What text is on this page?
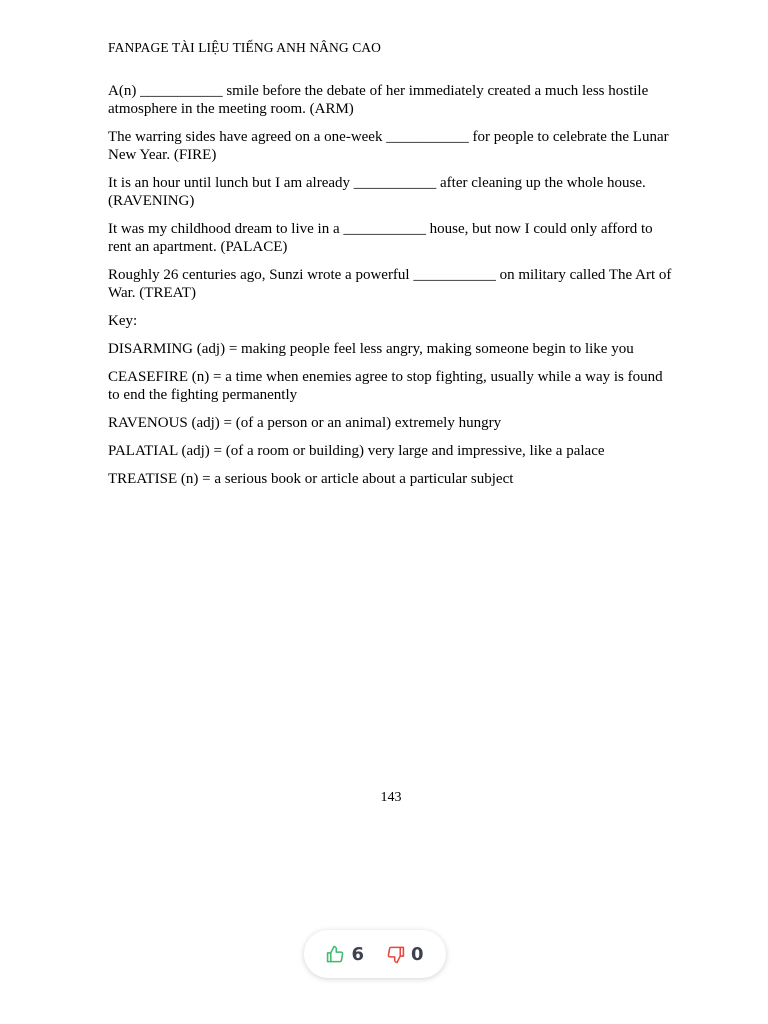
FANPAGE TÀI LIỆU TIẾNG ANH NÂNG CAO

A(n) ___________ smile before the debate of her immediately created a much less hostile atmosphere in the meeting room. (ARM)

The warring sides have agreed on a one-week ___________ for people to celebrate the Lunar New Year. (FIRE)

It is an hour until lunch but I am already ___________ after cleaning up the whole house. (RAVENING)

It was my childhood dream to live in a ___________ house, but now I could only afford to rent an apartment. (PALACE)

Roughly 26 centuries ago, Sunzi wrote a powerful ___________ on military called The Art of War. (TREAT)

Key:

DISARMING (adj) = making people feel less angry, making someone begin to like you

CEASEFIRE (n) = a time when enemies agree to stop fighting, usually while a way is found to end the fighting permanently

RAVENOUS (adj) = (of a person or an animal) extremely hungry

PALATIAL (adj) = (of a room or building) very large and impressive, like a palace

TREATISE (n) = a serious book or article about a particular subject

143
6	0
